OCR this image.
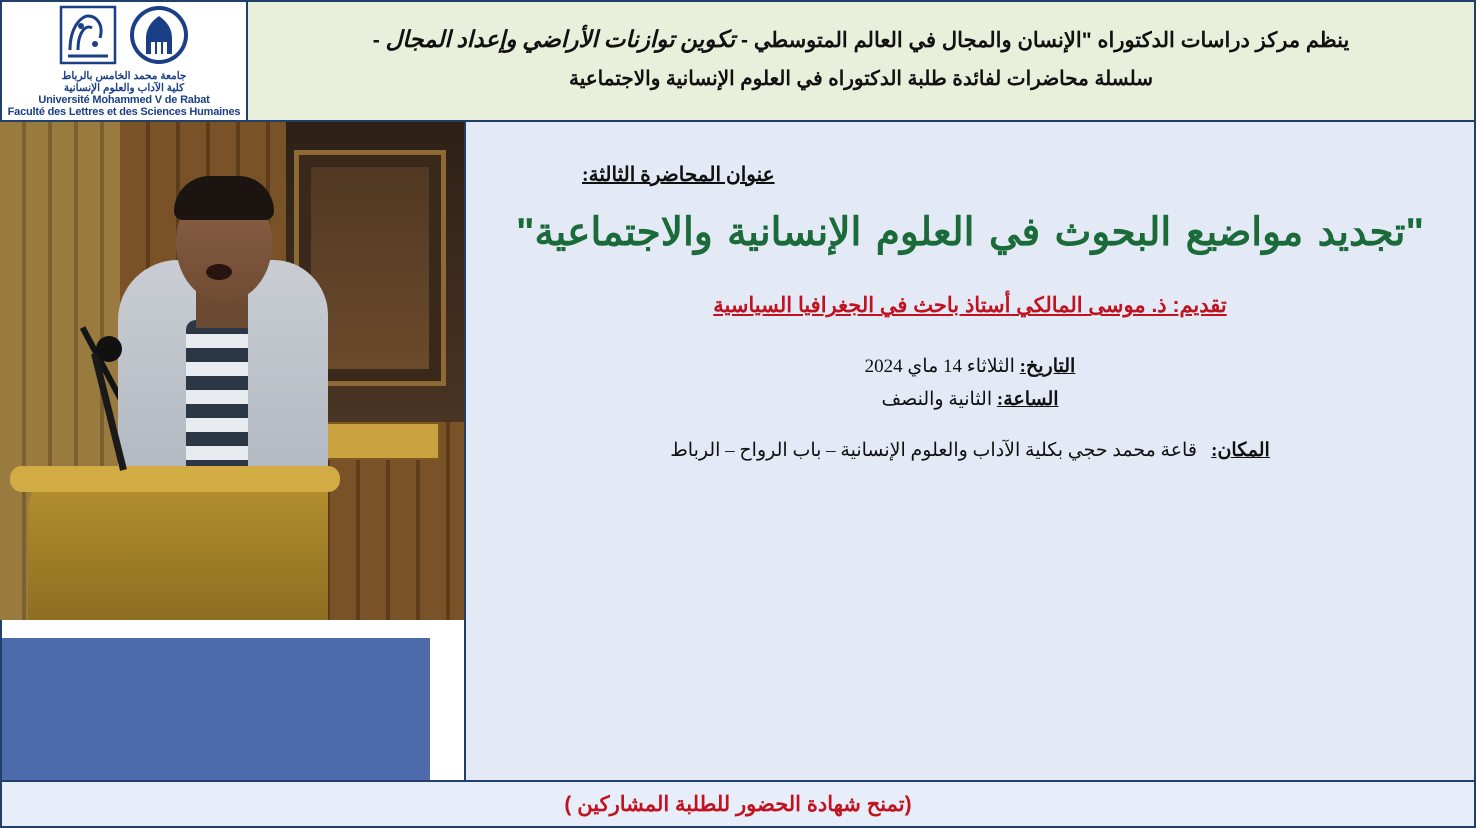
ينظم مركز دراسات الدكتوراه "الإنسان والمجال في العالم المتوسطي - تكوين توازنات الأراضي وإعداد المجال -
سلسلة محاضرات لفائدة طلبة الدكتوراه في العلوم الإنسانية والاجتماعية
جامعة محمد الخامس بالرباط
كلية الآداب والعلوم الإنسانية
Université Mohammed V de Rabat
Faculté des Lettres et des Sciences Humaines
عنوان المحاضرة الثالثة:
"تجديد مواضيع البحوث في العلوم الإنسانية والاجتماعية"
تقديم: ذ. موسى المالكي أستاذ باحث في الجغرافيا السياسية
التاريخ: الثلاثاء 14 ماي 2024
الساعة: الثانية والنصف
المكان:   قاعة محمد حجي بكلية الآداب والعلوم الإنسانية – باب الرواح – الرباط
(تمنح شهادة الحضور للطلبة المشاركين )
